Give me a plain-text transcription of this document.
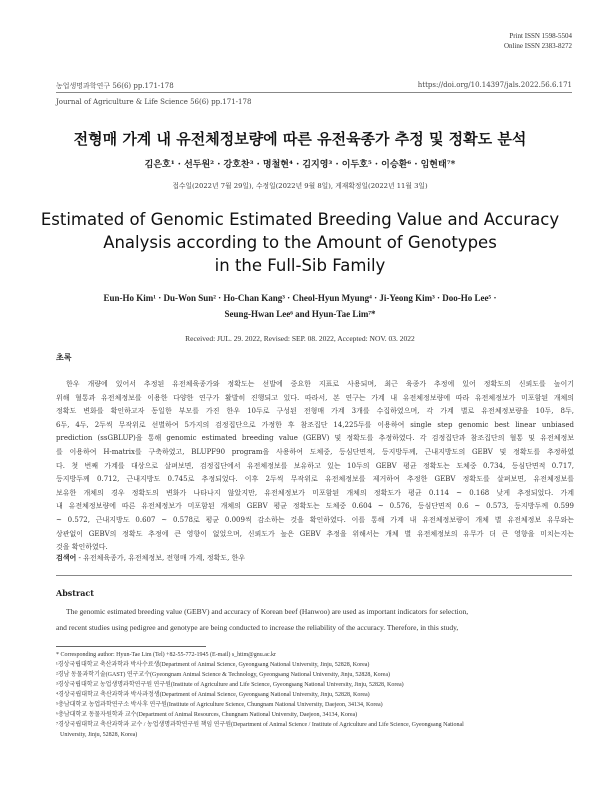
Print ISSN 1598-5504
Online ISSN 2383-8272
농업생명과학연구 56(6) pp.171-178	https://doi.org/10.14397/jals.2022.56.6.171
Journal of Agriculture & Life Science 56(6) pp.171-178
전형매 가계 내 유전체정보량에 따른 유전육종가 추정 및 정확도 분석
김은호¹ · 선두원² · 강호찬³ · 명철현⁴ · 김지영³ · 이두호⁵ · 이승환⁶ · 임현태⁷*
접수일(2022년 7월 29일), 수정일(2022년 9월 8일), 게재확정일(2022년 11월 3일)
Estimated of Genomic Estimated Breeding Value and Accuracy
Analysis according to the Amount of Genotypes
in the Full-Sib Family
Eun-Ho Kim¹ · Du-Won Sun² · Ho-Chan Kang³ · Cheol-Hyun Myung⁴ · Ji-Yeong Kim³ · Doo-Ho Lee⁵ ·
Seung-Hwan Lee⁶ and Hyun-Tae Lim⁷*
Received: JUL. 29. 2022, Revised: SEP. 08. 2022, Accepted: NOV. 03. 2022
초록
한우 개량에 있어서 추정된 유전체육종가와 정확도는 선발에 중요한 지표로 사용되며, 최근 육종가 추정에 있어 정확도의 신뢰도를 높이기
위해 혈통과 유전체정보를 이용한 다양한 연구가 활발히 진행되고 있다. 따라서, 본 연구는 가계 내 유전체정보량에 따라 유전체정보가 미포함된 개체의
정확도 변화를 확인하고자 동일한 부모를 가진 한우 10두로 구성된 전형매 가계 3개를 수집하였으며, 각 가계 별로 유전체정보량을 10두, 8두,
6두, 4두, 2두씩 무작위로 선별하여 5가지의 검정집단으로 가정한 후 참조집단 14,225두를 이용하여 single step genomic best linear unbiased
prediction (ssGBLUP)을 통해 genomic estimated breeding value (GEBV) 및 정확도를 추정하였다. 각 검정집단과 참조집단의 혈통 및 유전체정보
를 이용하여 H-matrix를 구축하였고, BLUPF90 program을 사용하여 도체중, 등심단면적, 등지방두께, 근내지방도의 GEBV 및 정확도를 추정하였
다. 첫 번째 가계를 대상으로 살펴보면, 검정집단에서 유전체정보를 보유하고 있는 10두의 GEBV 평균 정확도는 도체중 0.734, 등심단면적 0.717,
등지방두께 0.712, 근내지방도 0.745로 추정되었다. 이후 2두씩 무작위로 유전체정보를 제거하여 추정한 GEBV 정확도를 살펴보면, 유전체정보를
보유한 개체의 경우 정확도의 변화가 나타나지 않았지만, 유전체정보가 미포함된 개체의 정확도가 평균 0.114 ~ 0.168 낮게 추정되었다. 가계
내 유전체정보량에 따른 유전체정보가 미포함된 개체의 GEBV 평균 정확도는 도체중 0.604 ~ 0.576, 등심단면적 0.6 ~ 0.573, 등지방두께 0.599
~ 0.572, 근내지방도 0.607 ~ 0.578로 평균 0.009씩 감소하는 것을 확인하였다. 이를 통해 가계 내 유전체정보량이 개체 별 유전체정보 유무와는
상관없이 GEBV의 정확도 추정에 큰 영향이 없었으며, 신뢰도가 높은 GEBV 추정을 위해서는 개체 별 유전체정보의 유무가 더 큰 영향을 미치는지는
것을 확인하였다.
검색어 - 유전체육종가, 유전체정보, 전형매 가계, 정확도, 한우
Abstract
The genomic estimated breeding value (GEBV) and accuracy of Korean beef (Hanwoo) are used as important indicators for selection,
and recent studies using pedigree and genotype are being conducted to increase the reliability of the accuracy. Therefore, in this study,
* Corresponding author: Hyun-Tae Lim (Tel) +82-55-772-1945 (E-mail) s_htim@gnu.ac.kr
¹경상국립대학교 축산과학과 박사수료생(Department of Animal Science, Gyeongsang National University, Jinju, 52828, Korea)
²경남 동물과학기술(GAST) 연구교수(Gyeongnam Animal Science & Technology, Gyeongsang National University, Jinju, 52828, Korea)
³경상국립대학교 농업생명과학연구원 연구원(Institute of Agriculture and Life Science, Gyeongsang National University, Jinju, 52828, Korea)
⁴경상국립대학교 축산과학과 박사과정생(Department of Animal Science, Gyeongsang National University, Jinju, 52828, Korea)
⁵충남대학교 농업과학연구소 박사후 연구원(Institute of Agriculture Science, Chungnam National University, Daejeon, 34134, Korea)
⁶충남대학교 동물자원학과 교수(Department of Animal Resources, Chungnam National University, Daejeon, 34134, Korea)
⁷경상국립대학교 축산과학과 교수 / 농업생명과학연구원 책임 연구원(Department of Animal Science / Institute of Agriculture and Life Science, Gyeongsang National
University, Jinju, 52828, Korea)
